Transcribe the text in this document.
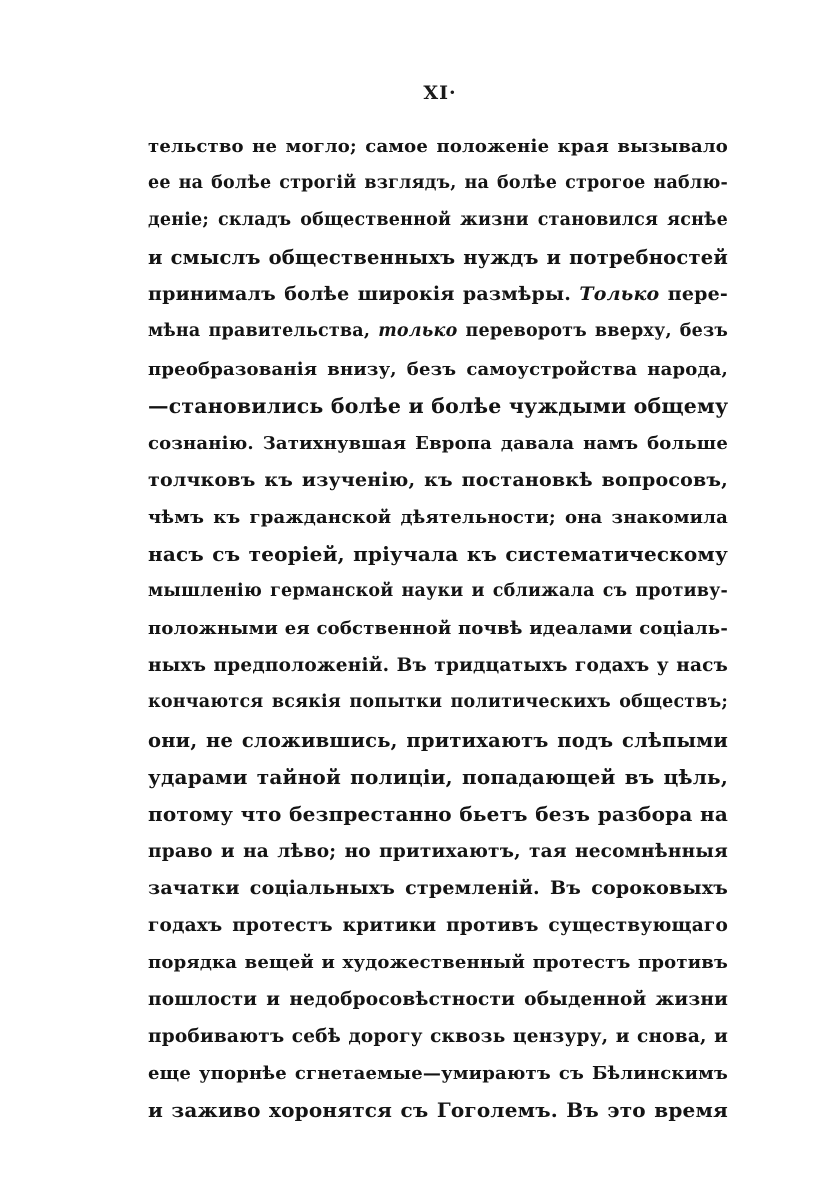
XI·
тельство не могло; самое положеніе края вызывало
ее на болѣе строгій взглядъ, на болѣе строгое наблю-
деніе; складъ общественной жизни становился яснѣе
и смыслъ общественныхъ нуждъ и потребностей
принималъ болѣе широкія размѣры. Только пере-
мѣна правительства, только переворотъ вверху, безъ
преобразованія внизу, безъ самоустройства народа,
—становились болѣе и болѣе чуждыми общему
сознанію. Затихнувшая Европа давала намъ больше
толчковъ къ изученію, къ постановкѣ вопросовъ,
чѣмъ къ гражданской дѣятельности; она знакомила
насъ съ теоріей, пріучала къ систематическому
мышленію германской науки и сближала съ противу-
положными ея собственной почвѣ идеалами соціаль-
ныхъ предположеній. Въ тридцатыхъ годахъ у насъ
кончаются всякія попытки политическихъ обществъ;
они, не сложившись, притихаютъ подъ слѣпыми
ударами тайной полиціи, попадающей въ цѣль,
потому что безпрестанно бьетъ безъ разбора на
право и на лѣво; но притихаютъ, тая несомнѣнныя
зачатки соціальныхъ стремленій. Въ сороковыхъ
годахъ протестъ критики противъ существующаго
порядка вещей и художественный протестъ противъ
пошлости и недобросовѣстности обыденной жизни
пробиваютъ себѣ дорогу сквозь цензуру, и снова, и
еще упорнѣе сгнетаемые—умираютъ съ Бѣлинскимъ
и заживо хоронятся съ Гоголемъ. Въ это время
